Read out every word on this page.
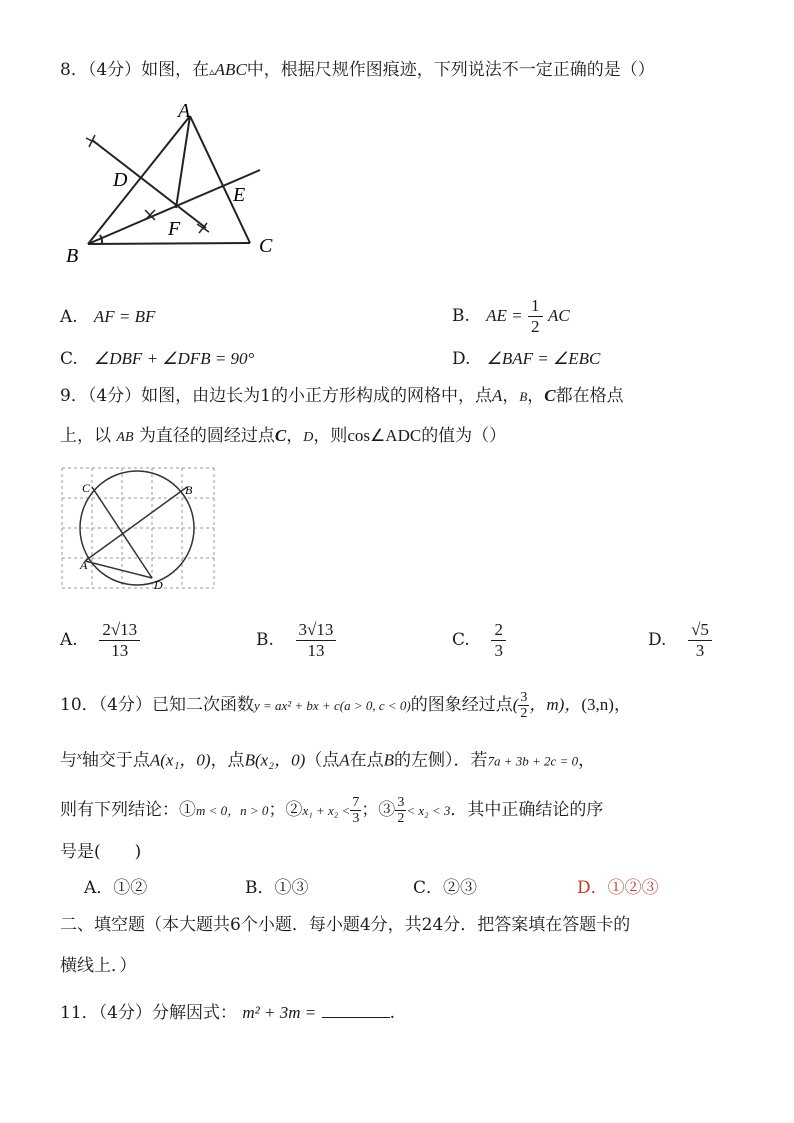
8．（4分）如图，在▵ABC中，根据尺规作图痕迹，下列说法不一定正确的是（）
A
B	C
D
E
F
A. AF = BF	B. AE = $\frac{1}{2}$ AC
C. ∠DBF + ∠DFB = 90°	D. ∠BAF = ∠EBC
9．（4分）如图，由边长为1的小正方形构成的网格中，点A，B，C都在格点
上，以 AB 为直径的圆经过点C，D，则cos∠ADC的值为（）
C	B
A
D
A. $\frac{2√13}{13}$	B. $\frac{3√13}{13}$	C. $\frac{2}{3}$	D. $\frac{√5}{3}$
10．（4分）已知二次函数y = ax² + bx + c(a > 0, c < 0)的图象经过点( $\frac{3}{2}$ ，m)，(3,n)，
与$^x$轴交于点A(x₁，0)，点B(x₂，0)（点A在点B的左侧）．若7a + 3b + 2c = 0，
则有下列结论：①m < 0，n > 0；②x₁ + $x_2 < \frac{7}{3}$ ；③ $\frac{3}{2} < x_2 < 3$．其中正确结论的序
号是(　　)
A．①②	B．①③	C．②③	D．①②③
二、填空题（本大题共6个小题．每小题4分，共24分．把答案填在答题卡的
横线上．）
11．（4分）分解因式： m² + 3m =	.
